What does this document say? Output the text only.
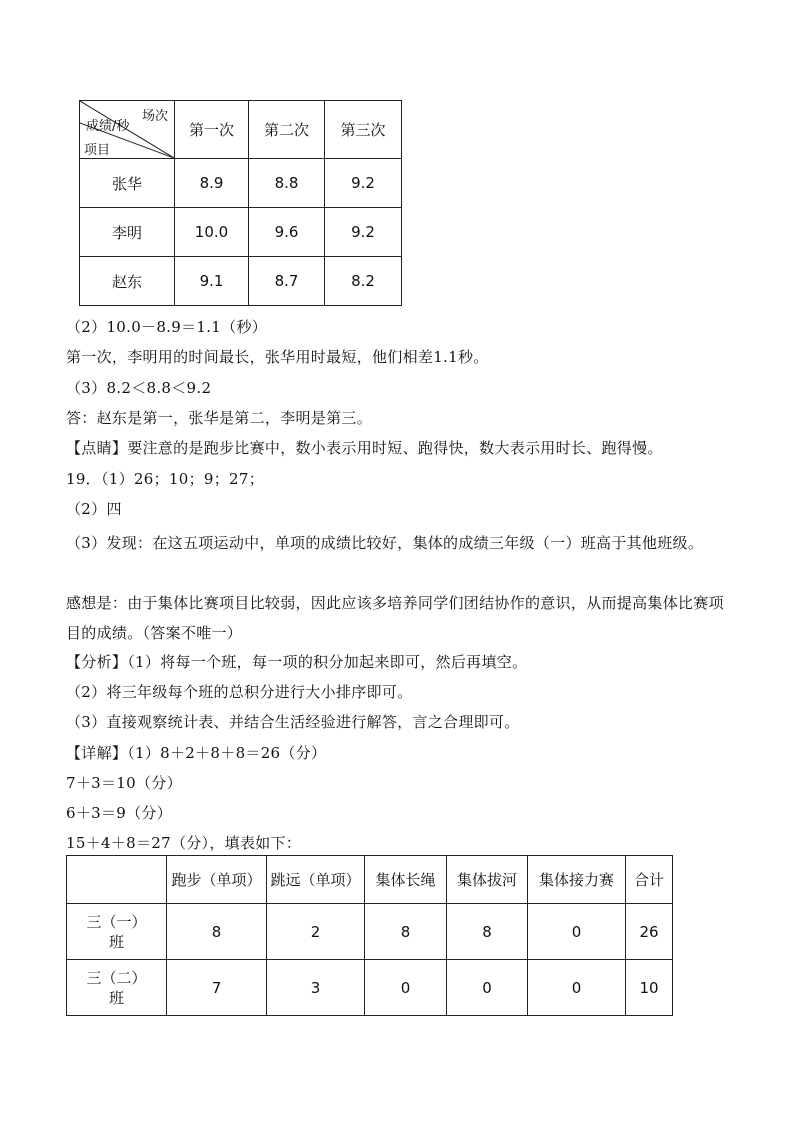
成绩/秒
场次
项目	第一次	第二次	第三次
张华	8.9	8.8	9.2
李明	10.0	9.6	9.2
赵东	9.1	8.7	8.2
（2）10.0－8.9＝1.1（秒）
第一次，李明用的时间最长，张华用时最短，他们相差1.1秒。
（3）8.2＜8.8＜9.2
答：赵东是第一，张华是第二，李明是第三。
【点睛】要注意的是跑步比赛中，数小表示用时短、跑得快，数大表示用时长、跑得慢。
19．（1）26；10；9；27；
（2）四
（3）发现：在这五项运动中，单项的成绩比较好，集体的成绩三年级（一）班高于其他班级。
感想是：由于集体比赛项目比较弱，因此应该多培养同学们团结协作的意识，从而提高集体比赛项目的成绩。（答案不唯一）
【分析】（1）将每一个班，每一项的积分加起来即可，然后再填空。
（2）将三年级每个班的总积分进行大小排序即可。
（3）直接观察统计表、并结合生活经验进行解答，言之合理即可。
【详解】（1）8＋2＋8＋8＝26（分）
7＋3＝10（分）
6＋3＝9（分）
15＋4＋8＝27（分），填表如下：
	跑步（单项）	跳远（单项）	集体长绳	集体拔河	集体接力赛	合计

三（一）
班	8	2	8	8	0	26

三（二）
班	7	3	0	0	0	10
